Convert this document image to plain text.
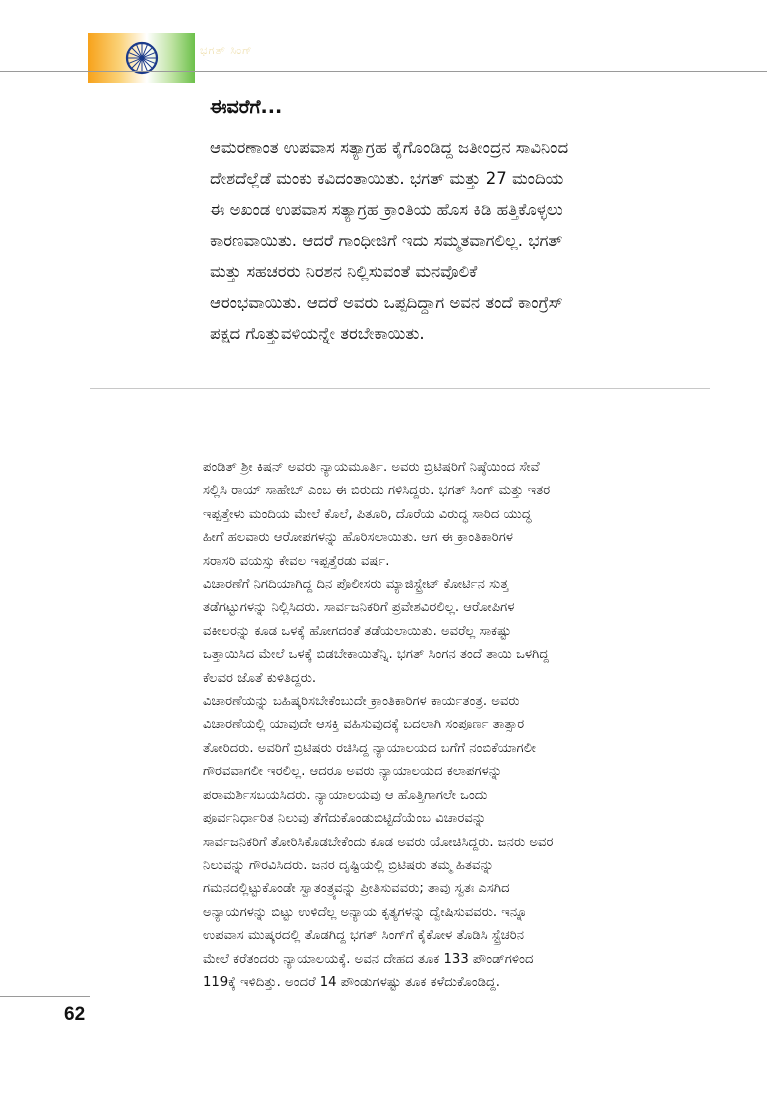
ಭಗತ್ ಸಿಂಗ್
ಈವರೆಗೆ...
ಆಮರಣಾಂತ ಉಪವಾಸ ಸತ್ಯಾಗ್ರಹ ಕೈಗೊಂಡಿದ್ದ ಜತೀಂದ್ರನ ಸಾವಿನಿಂದ
ದೇಶದೆಲ್ಲೆಡೆ ಮಂಕು ಕವಿದಂತಾಯಿತು. ಭಗತ್ ಮತ್ತು 27 ಮಂದಿಯ
ಈ ಅಖಂಡ ಉಪವಾಸ ಸತ್ಯಾಗ್ರಹ ಕ್ರಾಂತಿಯ ಹೊಸ ಕಿಡಿ ಹತ್ತಿಕೊಳ್ಳಲು
ಕಾರಣವಾಯಿತು. ಆದರೆ ಗಾಂಧೀಜಿಗೆ ಇದು ಸಮ್ಮತವಾಗಲಿಲ್ಲ. ಭಗತ್
ಮತ್ತು ಸಹಚರರು ನಿರಶನ ನಿಲ್ಲಿಸುವಂತೆ ಮನವೊಲಿಕೆ
ಆರಂಭವಾಯಿತು. ಆದರೆ ಅವರು ಒಪ್ಪದಿದ್ದಾಗ ಅವನ ತಂದೆ ಕಾಂಗ್ರೆಸ್
ಪಕ್ಷದ ಗೊತ್ತುವಳಿಯನ್ನೇ ತರಬೇಕಾಯಿತು.

ಪಂಡಿತ್ ಶ್ರೀ ಕಿಷನ್ ಅವರು ನ್ಯಾಯಮೂರ್ತಿ. ಅವರು ಬ್ರಿಟಿಷರಿಗೆ ನಿಷ್ಠೆಯಿಂದ ಸೇವೆ
ಸಲ್ಲಿಸಿ ರಾಯ್ ಸಾಹೇಬ್ ಎಂಬ ಈ ಬಿರುದು ಗಳಿಸಿದ್ದರು. ಭಗತ್ ಸಿಂಗ್ ಮತ್ತು ಇತರ
ಇಪ್ಪತ್ತೇಳು ಮಂದಿಯ ಮೇಲೆ ಕೊಲೆ, ಪಿತೂರಿ, ದೊರೆಯ ವಿರುದ್ಧ ಸಾರಿದ ಯುದ್ಧ
ಹೀಗೆ ಹಲವಾರು ಆರೋಪಗಳನ್ನು ಹೊರಿಸಲಾಯಿತು. ಆಗ ಈ ಕ್ರಾಂತಿಕಾರಿಗಳ
ಸರಾಸರಿ ವಯಸ್ಸು ಕೇವಲ ಇಪ್ಪತ್ತೆರಡು ವರ್ಷ.

ವಿಚಾರಣೆಗೆ ನಿಗದಿಯಾಗಿದ್ದ ದಿನ ಪೊಲೀಸರು ಮ್ಯಾಜಿಸ್ಟ್ರೇಟ್ ಕೋರ್ಟಿನ ಸುತ್ತ
ತಡೆಗಟ್ಟುಗಳನ್ನು ನಿಲ್ಲಿಸಿದರು. ಸಾರ್ವಜನಿಕರಿಗೆ ಪ್ರವೇಶವಿರಲಿಲ್ಲ. ಆರೋಪಿಗಳ
ವಕೀಲರನ್ನು ಕೂಡ ಒಳಕ್ಕೆ ಹೋಗದಂತೆ ತಡೆಯಲಾಯಿತು. ಅವರೆಲ್ಲ ಸಾಕಷ್ಟು
ಒತ್ತಾಯಿಸಿದ ಮೇಲೆ ಒಳಕ್ಕೆ ಬಿಡಬೇಕಾಯಿತೆನ್ನಿ. ಭಗತ್ ಸಿಂಗನ ತಂದೆ ತಾಯಿ ಒಳಗಿದ್ದ
ಕೆಲವರ ಜೊತೆ ಕುಳಿತಿದ್ದರು.

ವಿಚಾರಣೆಯನ್ನು ಬಹಿಷ್ಕರಿಸಬೇಕೆಂಬುದೇ ಕ್ರಾಂತಿಕಾರಿಗಳ ಕಾರ್ಯತಂತ್ರ. ಅವರು
ವಿಚಾರಣೆಯಲ್ಲಿ ಯಾವುದೇ ಆಸಕ್ತಿ ವಹಿಸುವುದಕ್ಕೆ ಬದಲಾಗಿ ಸಂಪೂರ್ಣ ತಾತ್ಸಾರ
ತೋರಿದರು. ಅವರಿಗೆ ಬ್ರಿಟಿಷರು ರಚಿಸಿದ್ದ ನ್ಯಾಯಾಲಯದ ಬಗೆಗೆ ನಂಬಿಕೆಯಾಗಲೀ
ಗೌರವವಾಗಲೀ ಇರಲಿಲ್ಲ. ಆದರೂ ಅವರು ನ್ಯಾಯಾಲಯದ ಕಲಾಪಗಳನ್ನು
ಪರಾಮರ್ಶಿಸಬಯಸಿದರು. ನ್ಯಾಯಾಲಯವು ಆ ಹೊತ್ತಿಗಾಗಲೇ ಒಂದು
ಪೂರ್ವನಿರ್ಧಾರಿತ ನಿಲುವು ತೆಗೆದುಕೊಂಡುಬಿಟ್ಟಿದೆಯೆಂಬ ವಿಚಾರವನ್ನು
ಸಾರ್ವಜನಿಕರಿಗೆ ತೋರಿಸಿಕೊಡಬೇಕೆಂದು ಕೂಡ ಅವರು ಯೋಚಿಸಿದ್ದರು. ಜನರು ಅವರ
ನಿಲುವನ್ನು ಗೌರವಿಸಿದರು. ಜನರ ದೃಷ್ಟಿಯಲ್ಲಿ ಬ್ರಿಟಿಷರು ತಮ್ಮ ಹಿತವನ್ನು
ಗಮನದಲ್ಲಿಟ್ಟುಕೊಂಡೇ ಸ್ವಾತಂತ್ರ್ಯವನ್ನು ಪ್ರೀತಿಸುವವರು; ತಾವು ಸ್ವತಃ ಎಸಗಿದ
ಅನ್ಯಾಯಗಳನ್ನು ಬಿಟ್ಟು ಉಳಿದೆಲ್ಲ ಅನ್ಯಾಯ ಕೃತ್ಯಗಳನ್ನು ದ್ವೇಷಿಸುವವರು. ಇನ್ನೂ
ಉಪವಾಸ ಮುಷ್ಕರದಲ್ಲಿ ತೊಡಗಿದ್ದ ಭಗತ್ ಸಿಂಗ್‌ಗೆ ಕೈಕೋಳ ತೊಡಿಸಿ ಸ್ಟ್ರೆಚರಿನ
ಮೇಲೆ ಕರೆತಂದರು ನ್ಯಾಯಾಲಯಕ್ಕೆ. ಅವನ ದೇಹದ ತೂಕ 133 ಪೌಂಡ್‌ಗಳಿಂದ
119ಕ್ಕೆ ಇಳಿದಿತ್ತು. ಅಂದರೆ 14 ಪೌಂಡುಗಳಷ್ಟು ತೂಕ ಕಳೆದುಕೊಂಡಿದ್ದ.

62
